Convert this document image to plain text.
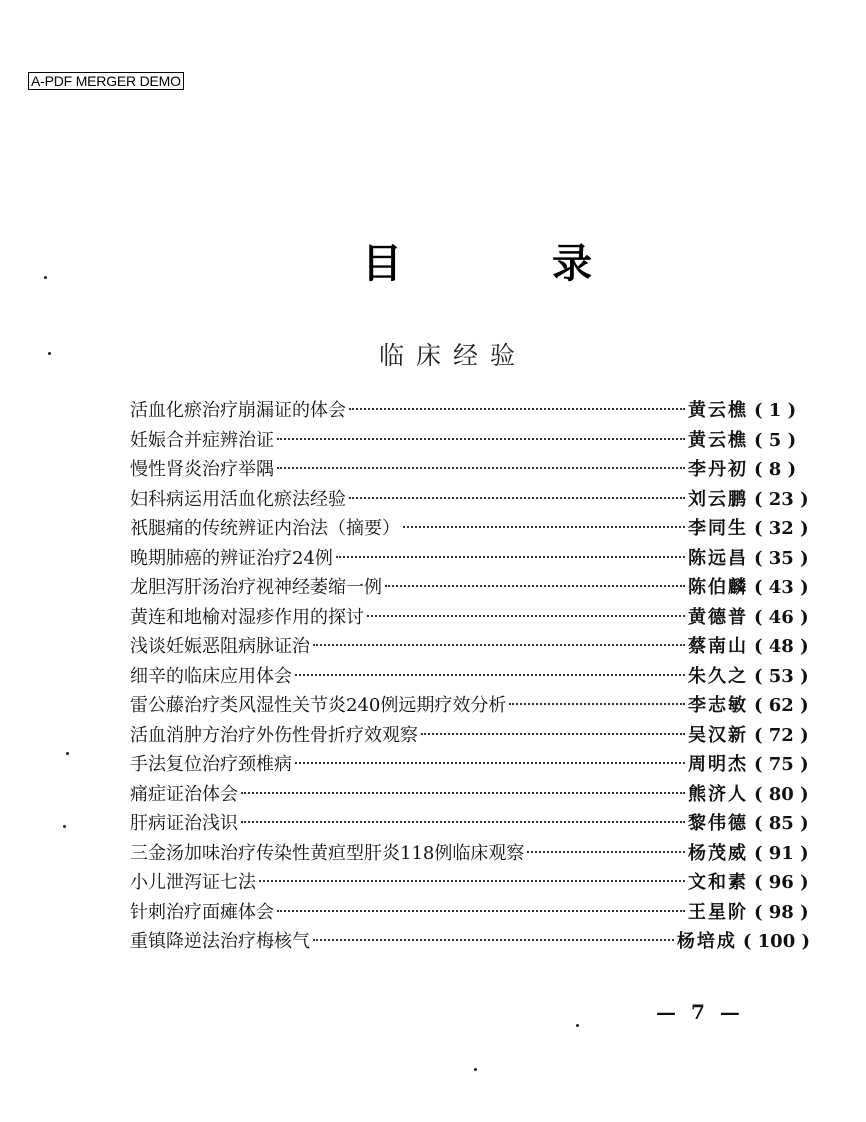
A-PDF MERGER DEMO
目	录
临床经验
活血化瘀治疗崩漏证的体会	黄云樵 ( 1 )
妊娠合并症辨治证	黄云樵 ( 5 )
慢性肾炎治疗举隅	李丹初 ( 8 )
妇科病运用活血化瘀法经验	刘云鹏 ( 23 )
祇腿痛的传统辨证内治法（摘要）	李同生 ( 32 )
晚期肺癌的辨证治疗24例	陈远昌 ( 35 )
龙胆泻肝汤治疗视神经萎缩一例	陈伯麟 ( 43 )
黄连和地榆对湿疹作用的探讨	黄德普 ( 46 )
浅谈妊娠恶阻病脉证治	蔡南山 ( 48 )
细辛的临床应用体会	朱久之 ( 53 )
雷公藤治疗类风湿性关节炎240例远期疗效分析	李志敏 ( 62 )
活血消肿方治疗外伤性骨折疗效观察	吴汉新 ( 72 )
手法复位治疗颈椎病	周明杰 ( 75 )
痛症证治体会	熊济人 ( 80 )
肝病证治浅识	黎伟德 ( 85 )
三金汤加味治疗传染性黄疸型肝炎118例临床观察	杨茂威 ( 91 )
小儿泄泻证七法	文和素 ( 96 )
针刺治疗面瘫体会	王星阶 ( 98 )
重镇降逆法治疗梅核气	杨培成 ( 100 )
— 7 —
